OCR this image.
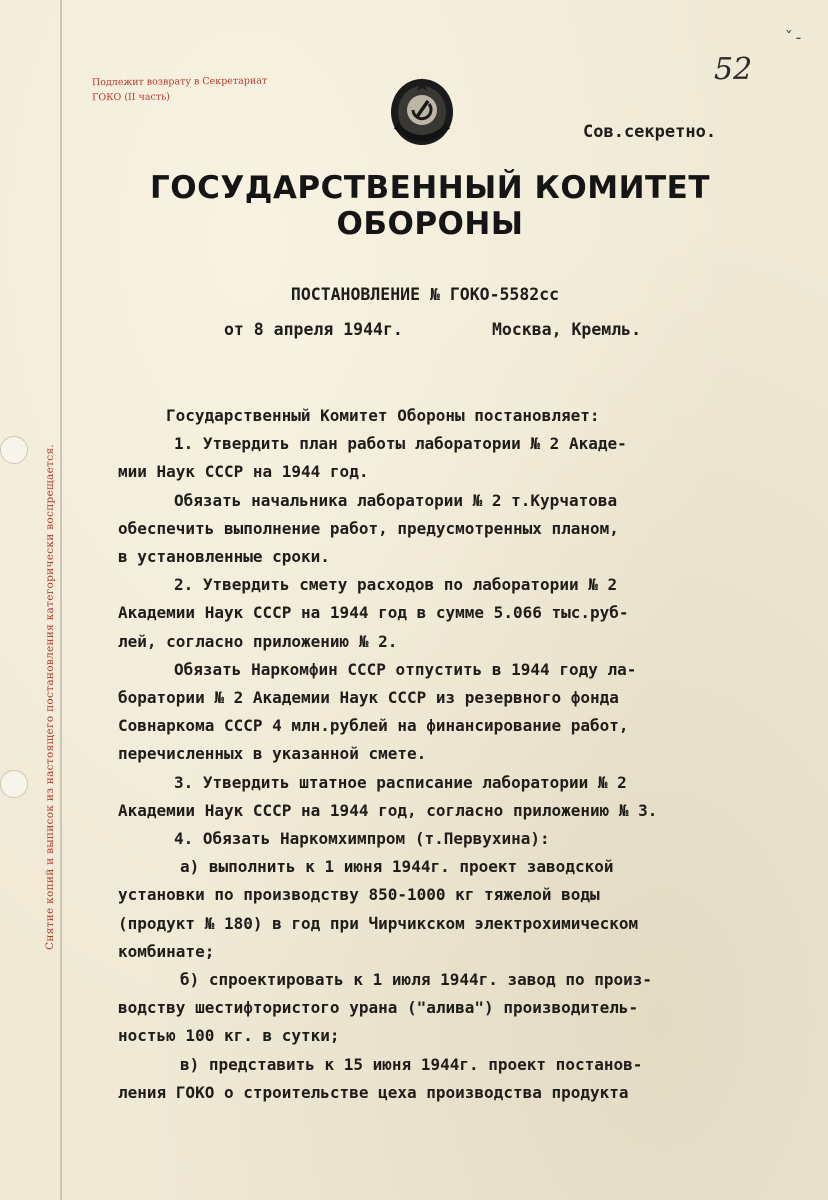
Подлежит возврату в Секретариат
ГОКО (II часть)
Снятие копий и выписок из настоящего постановления категорически воспрещается.
52
ˇ-
Сов.секретно.
ГОСУДАРСТВЕННЫЙ КОМИТЕТ ОБОРОНЫ
ПОСТАНОВЛЕНИЕ № ГОКО-5582сс
от 8 апреля 1944г.	Москва, Кремль.
Государственный Комитет Обороны постановляет:
1. Утвердить план работы лаборатории № 2 Акаде-
мии Наук СССР на 1944 год.
Обязать начальника лаборатории № 2 т.Курчатова
обеспечить выполнение работ, предусмотренных планом,
в установленные сроки.
2. Утвердить смету расходов по лаборатории № 2
Академии Наук СССР на 1944 год в сумме 5.066 тыс.руб-
лей, согласно приложению № 2.
Обязать Наркомфин СССР отпустить в 1944 году ла-
боратории № 2 Академии Наук СССР из резервного фонда
Совнаркома СССР 4 млн.рублей на финансирование работ,
перечисленных в указанной смете.
3. Утвердить штатное расписание лаборатории № 2
Академии Наук СССР на 1944 год, согласно приложению № 3.
4. Обязать Наркомхимпром (т.Первухина):
а) выполнить к 1 июня 1944г. проект заводской
установки по производству 850-1000 кг тяжелой воды
(продукт № 180) в год при Чирчикском электрохимическом
комбинате;
б) спроектировать к 1 июля 1944г. завод по произ-
водству шестифтористого урана ("алива") производитель-
ностью 100 кг. в сутки;
в) представить к 15 июня 1944г. проект постанов-
ления ГОКО о строительстве цеха производства продукта
